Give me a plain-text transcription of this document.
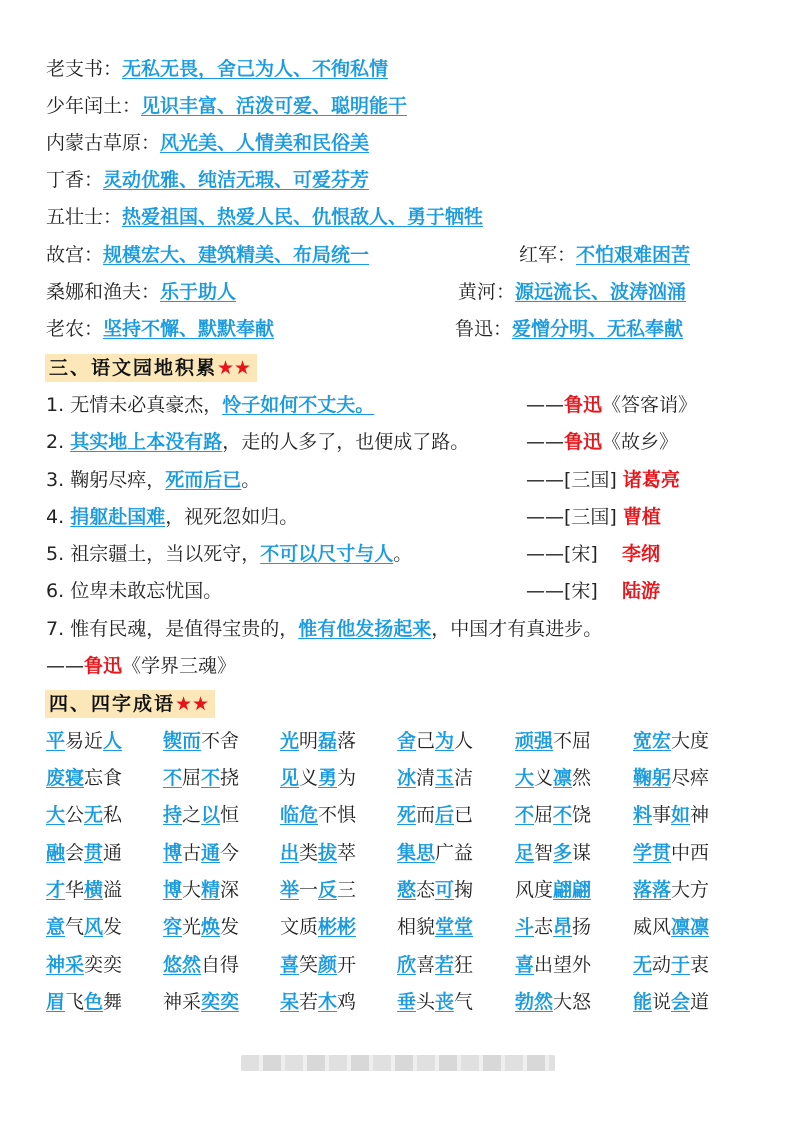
老支书：无私无畏，舍己为人、不徇私情
少年闰土：见识丰富、活泼可爱、聪明能干
内蒙古草原：风光美、人情美和民俗美
丁香：灵动优雅、纯洁无瑕、可爱芬芳
五壮士：热爱祖国、热爱人民、仇恨敌人、勇于牺牲
故宫：规模宏大、建筑精美、布局统一	红军：不怕艰难困苦
桑娜和渔夫：乐于助人	黄河：源远流长、波涛汹涌
老农：坚持不懈、默默奉献	鲁迅：爱憎分明、无私奉献
三、语文园地积累★★
1. 无情未必真豪杰，怜子如何不丈夫。	——鲁迅《答客诮》
2. 其实地上本没有路，走的人多了，也便成了路。	——鲁迅《故乡》
3. 鞠躬尽瘁，死而后已。	——[三国] 诸葛亮
4. 捐躯赴国难，视死忽如归。	——[三国] 曹植
5. 祖宗疆土，当以死守，不可以尺寸与人。	——[宋] 李纲
6. 位卑未敢忘忧国。	——[宋] 陆游
7. 惟有民魂，是值得宝贵的，惟有他发扬起来，中国才有真进步。
——鲁迅《学界三魂》
四、四字成语★★
平易近人 锲而不舍 光明磊落 舍己为人 顽强不屈 宽宏大度
废寝忘食 不屈不挠 见义勇为 冰清玉洁 大义凛然 鞠躬尽瘁
大公无私 持之以恒 临危不惧 死而后已 不屈不饶 料事如神
融会贯通 博古通今 出类拔萃 集思广益 足智多谋 学贯中西
才华横溢 博大精深 举一反三 憨态可掬 风度翩翩 落落大方
意气风发 容光焕发 文质彬彬 相貌堂堂 斗志昂扬 威风凛凛
神采奕奕 悠然自得 喜笑颜开 欣喜若狂 喜出望外 无动于衷
眉飞色舞 神采奕奕 呆若木鸡 垂头丧气 勃然大怒 能说会道
